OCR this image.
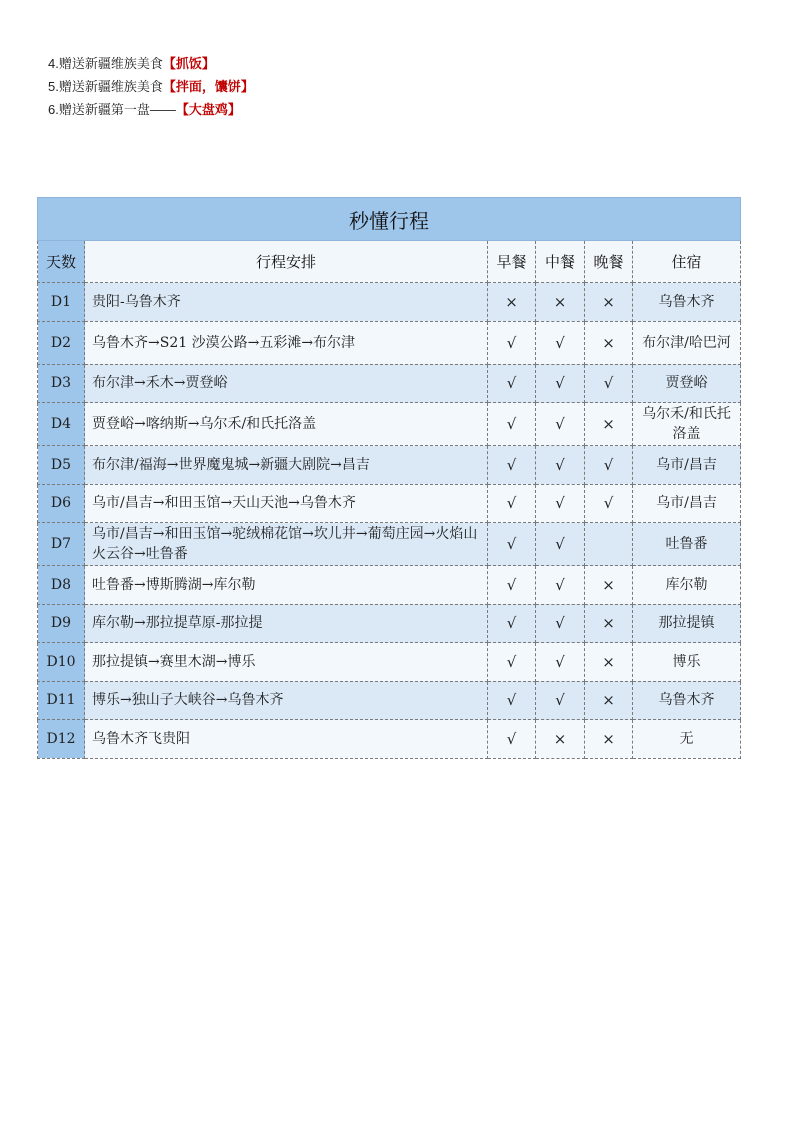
4.赠送新疆维族美食【抓饭】
5.赠送新疆维族美食【拌面，馕饼】
6.赠送新疆第一盘——【大盘鸡】
秒懂行程					
天数	行程安排	早餐	中餐	晚餐	住宿
D1	贵阳-乌鲁木齐	×	×	×	乌鲁木齐
D2	乌鲁木齐→S21 沙漠公路→五彩滩→布尔津	√	√	×	布尔津/哈巴河
D3	布尔津→禾木→贾登峪	√	√	√	贾登峪
D4	贾登峪→喀纳斯→乌尔禾/和氏托洛盖	√	√	×	乌尔禾/和氏托洛盖
D5	布尔津/福海→世界魔鬼城→新疆大剧院→昌吉	√	√	√	乌市/昌吉
D6	乌市/昌吉→和田玉馆→天山天池→乌鲁木齐	√	√	√	乌市/昌吉
D7	乌市/昌吉→和田玉馆→驼绒棉花馆→坎儿井→葡萄庄园→火焰山火云谷→吐鲁番	√	√		吐鲁番
D8	吐鲁番→博斯腾湖→库尔勒	√	√	×	库尔勒
D9	库尔勒→那拉提草原-那拉提	√	√	×	那拉提镇
D10	那拉提镇→赛里木湖→博乐	√	√	×	博乐
D11	博乐→独山子大峡谷→乌鲁木齐	√	√	×	乌鲁木齐
D12	乌鲁木齐飞贵阳	√	×	×	无
